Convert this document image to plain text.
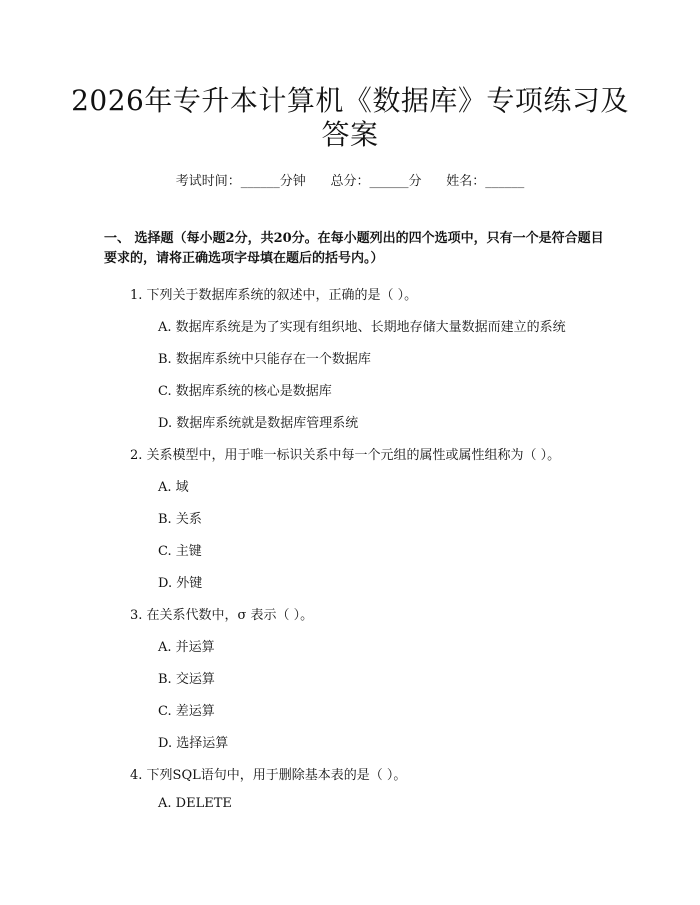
2026年专升本计算机《数据库》专项练习及答案
考试时间：______分钟      总分：______分      姓名：______
一、 选择题（每小题2分，共20分。在每小题列出的四个选项中，只有一个是符合题目要求的，请将正确选项字母填在题后的括号内。）
1. 下列关于数据库系统的叙述中，正确的是（ ）。
A. 数据库系统是为了实现有组织地、长期地存储大量数据而建立的系统
B. 数据库系统中只能存在一个数据库
C. 数据库系统的核心是数据库
D. 数据库系统就是数据库管理系统
2. 关系模型中，用于唯一标识关系中每一个元组的属性或属性组称为（ ）。
A. 域
B. 关系
C. 主键
D. 外键
3. 在关系代数中，σ 表示（ ）。
A. 并运算
B. 交运算
C. 差运算
D. 选择运算
4. 下列SQL语句中，用于删除基本表的是（ ）。
A. DELETE
